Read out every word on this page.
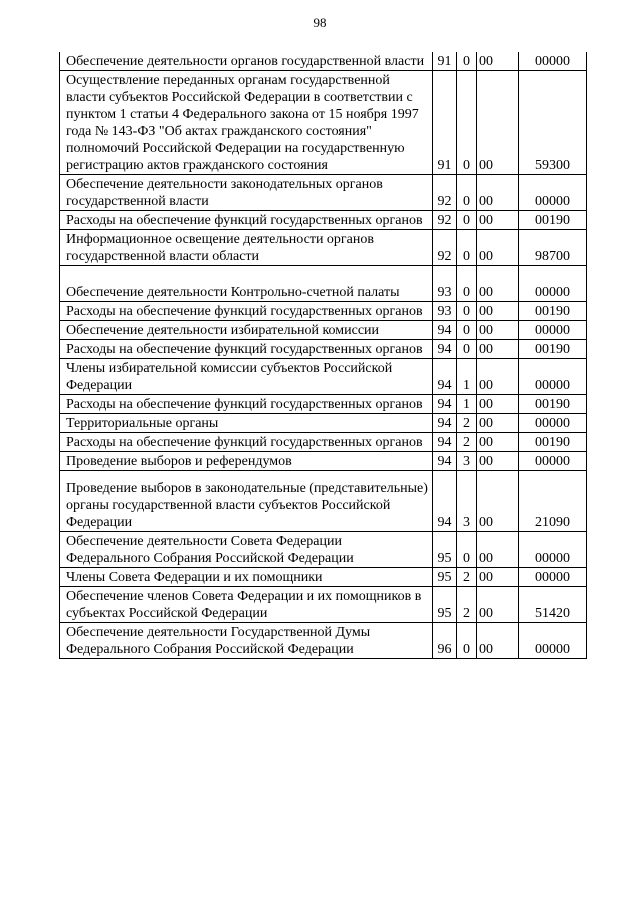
98
Обеспечение деятельности органов государственной власти	91	0	00	00000
Осуществление переданных органам государственной власти субъектов Российской Федерации в соответствии с пунктом 1 статьи 4 Федерального закона от 15 ноября 1997 года № 143-ФЗ "Об актах гражданского состояния" полномочий Российской Федерации на государственную регистрацию актов гражданского состояния	91	0	00	59300
Обеспечение деятельности законодательных органов государственной власти	92	0	00	00000
Расходы на обеспечение функций государственных органов	92	0	00	00190
Информационное освещение деятельности органов государственной власти области	92	0	00	98700
Обеспечение деятельности Контрольно-счетной палаты	93	0	00	00000
Расходы на обеспечение функций государственных органов	93	0	00	00190
Обеспечение деятельности избирательной комиссии	94	0	00	00000
Расходы на обеспечение функций государственных органов	94	0	00	00190
Члены избирательной комиссии субъектов Российской Федерации	94	1	00	00000
Расходы на обеспечение функций государственных органов	94	1	00	00190
Территориальные органы	94	2	00	00000
Расходы на обеспечение функций государственных органов	94	2	00	00190
Проведение выборов и референдумов	94	3	00	00000
Проведение выборов в законодательные (представительные) органы государственной власти субъектов Российской Федерации	94	3	00	21090
Обеспечение деятельности Совета Федерации Федерального Собрания Российской Федерации	95	0	00	00000
Члены Совета Федерации и их помощники	95	2	00	00000
Обеспечение членов Совета Федерации и их помощников в субъектах Российской Федерации	95	2	00	51420
Обеспечение деятельности Государственной Думы Федерального Собрания Российской Федерации	96	0	00	00000
